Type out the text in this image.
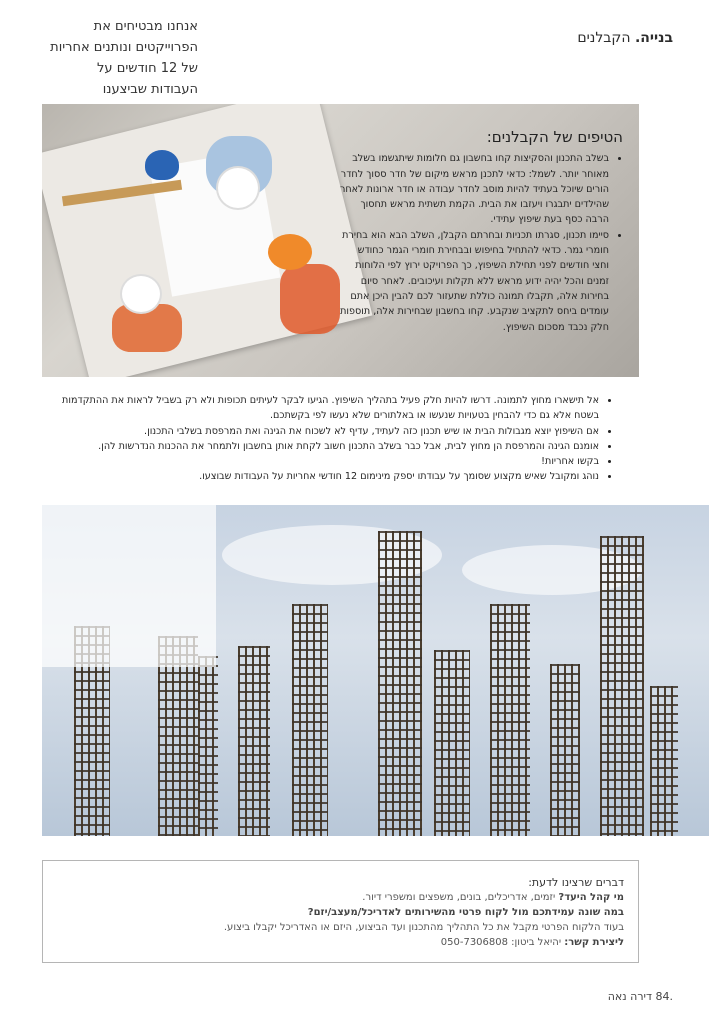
בנייה. הקבלנים
הטיפים של הקבלנים:
• בשלב התכנון והסקיצות קחו בחשבון גם חלומות שיתגשמו בשלב מאוחר יותר. לשמל: כדאי לתכנן מראש מיקום של חדר ססוך לחדר הורים שיוכל בעתיד להיות מוסב לחדר עבודה או חדר ארונות לאחר שהילדים יתבגרו ויעזבו את הבית. הקמת תשתית מראש תחסוך הרבה כסף בעת שיפוץ עתידי.
• סיימו תכנון, סגרתו תכניות ובחרתם הקבלן, השלב הבא הוא בחירת חומרי גמר. כדאי להתחיל בחיפוש ובבחירת חומרי הגמר כחודש וחצי חודשים לפני תחילת השיפוץ, כך הפרויקט ירוץ לפי הלוחות זמנים והכל יהיה ידוע מראש ללא תקלות ועיכובים. לאחר סיום בחירות אלה, תקבלו תמונה כוללת שתעזור לכם להבין היכן אתם עומדים ביחס לתקציב שנקבע. קחו בחשבון שבחירות אלה, תוספות חלק נכבד מסכום השיפוץ.
• אל תישארו מחוץ לתמונה. דרשו להיות חלק פעיל בתהליך השיפוץ. הגיעו לבקר לעיתים תכופות ולא רק בשביל לראות את ההתקדמות בשטח אלא גם כדי להבחין בטעויות שנעשו או באלתורים שלא נעשו לפי בקשתכם.
• אם השיפוץ יוצא מגבולות הבית או שיש תכנון כזה לעתיד, עדיף לא לשכוח את הגינה ואת המרפסת בשלבי התכנון.
• אומנם הגינה והמרפסת הן מחוץ לבית, אבל כבר בשלב התכנון חשוב לקחת אותן בחשבון ולתמחר את ההכנות הנדרשות להן.
• בקשו אחריות!
• נוהג ומקובל שאיש מקצוע שסומך על עבודתו יספק מינימום 12 חודשי אחריות על העבודות שבוצעו.
אנחנו מבטיחים את הפרוייקטים ונותנים אחריות של 12 חודשים על העבודות שביצענו
דברים שרצינו לדעת:
מי קהל היעד? יזמים, אדריכלים, בונים, משפצים ומשפרי דיור.
במה שונה עמידתכם מול לקוח פרטי מהשירותים לאדריכל/מעצב/יזם?
בעוד הלקוח הפרטי מקבל את כל התהליך מהתכנון ועד הביצוע, היזם או האדריכל יקבלו ביצוע.
ליצירת קשר: יהיאל ביטון: 050-7306808
.84 דירה נאה
